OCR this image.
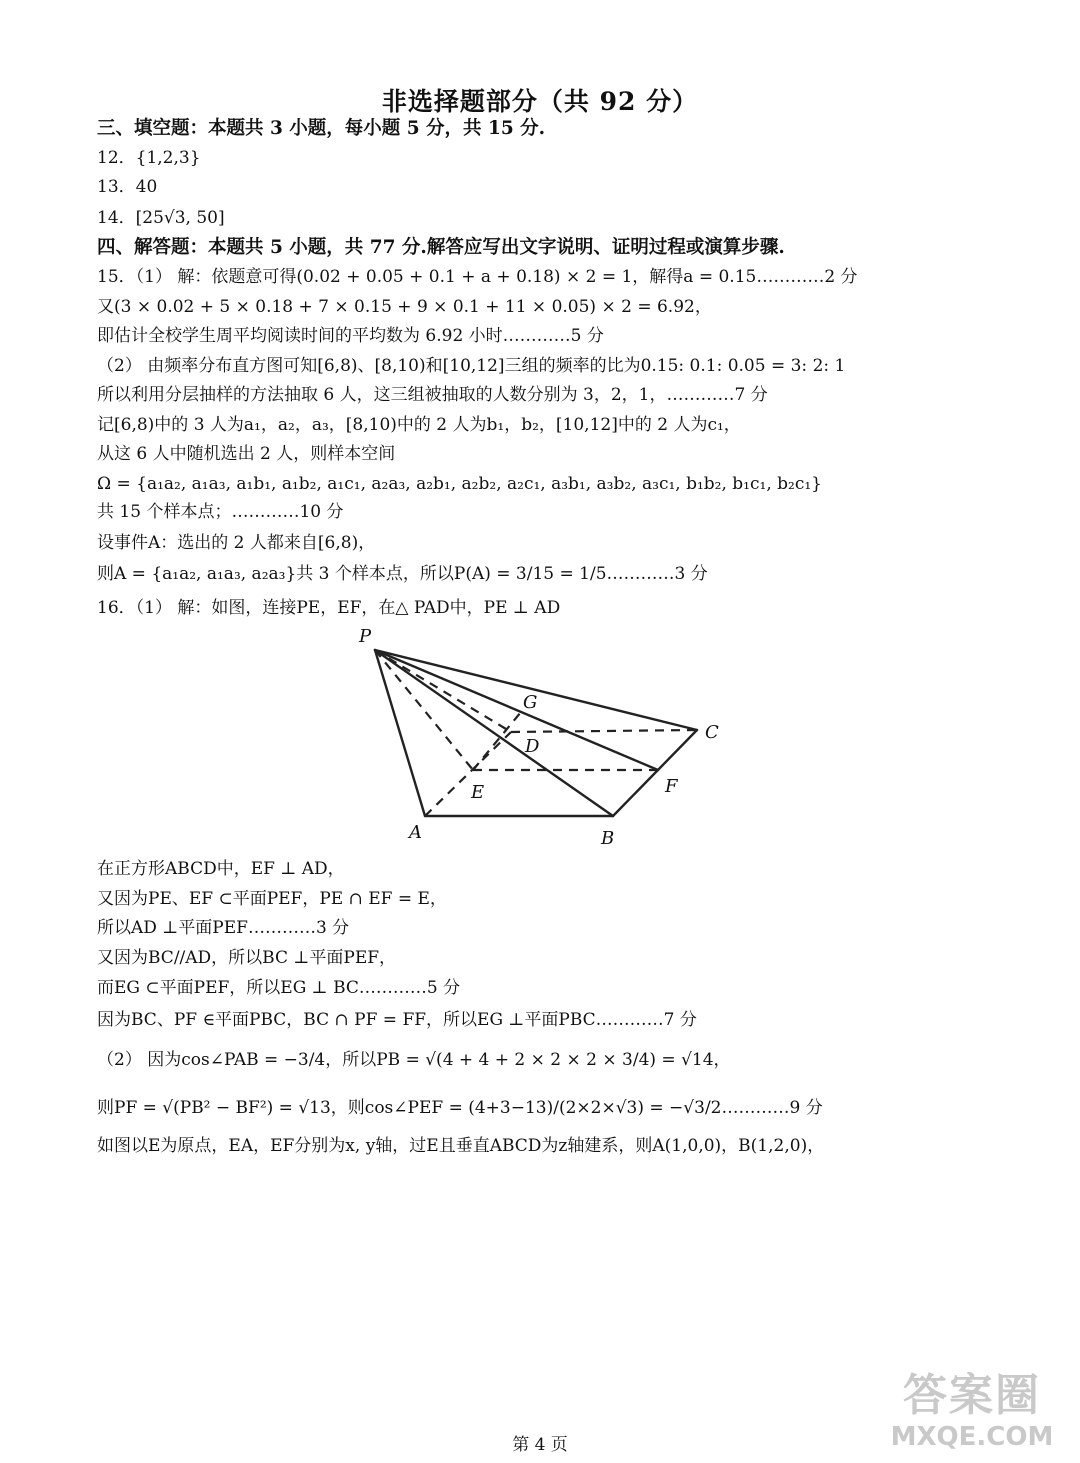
非选择题部分（共 92 分）
三、填空题：本题共 3 小题，每小题 5 分，共 15 分.
12．{1,2,3}
13．40
14．[25√3, 50]
四、解答题：本题共 5 小题，共 77 分.解答应写出文字说明、证明过程或演算步骤.
15．（1） 解：依题意可得(0.02 + 0.05 + 0.1 + a + 0.18) × 2 = 1，解得a = 0.15…………2 分
又(3 × 0.02 + 5 × 0.18 + 7 × 0.15 + 9 × 0.1 + 11 × 0.05) × 2 = 6.92，
即估计全校学生周平均阅读时间的平均数为 6.92 小时…………5 分
（2） 由频率分布直方图可知[6,8)、[8,10)和[10,12]三组的频率的比为0.15: 0.1: 0.05 = 3: 2: 1
所以利用分层抽样的方法抽取 6 人，这三组被抽取的人数分别为 3，2，1，…………7 分
记[6,8)中的 3 人为a₁，a₂，a₃，[8,10)中的 2 人为b₁，b₂，[10,12]中的 2 人为c₁，
从这 6 人中随机选出 2 人，则样本空间
Ω = {a₁a₂, a₁a₃, a₁b₁, a₁b₂, a₁c₁, a₂a₃, a₂b₁, a₂b₂, a₂c₁, a₃b₁, a₃b₂, a₃c₁, b₁b₂, b₁c₁, b₂c₁}
共 15 个样本点；…………10 分
设事件A：选出的 2 人都来自[6,8)，
则A = {a₁a₂, a₁a₃, a₂a₃}共 3 个样本点，所以P(A) = 3/15 = 1/5…………3 分
16．（1） 解：如图，连接PE，EF，在△ PAD中，PE ⊥ AD
P
G
C
D
E	F
A	B
在正方形ABCD中，EF ⊥ AD，
又因为PE、EF ⊂平面PEF，PE ∩ EF = E，
所以AD ⊥平面PEF…………3 分
又因为BC//AD，所以BC ⊥平面PEF，
而EG ⊂平面PEF，所以EG ⊥ BC…………5 分
因为BC、PF ∈平面PBC，BC ∩ PF = FF，所以EG ⊥平面PBC…………7 分
（2） 因为cos∠PAB = −3/4，所以PB = √(4 + 4 + 2 × 2 × 2 × 3/4) = √14，
则PF = √(PB² − BF²) = √13，则cos∠PEF = (4+3−13)/(2×2×√3) = −√3/2…………9 分
如图以E为原点，EA，EF分别为x, y轴，过E且垂直ABCD为z轴建系，则A(1,0,0)，B(1,2,0)，
第 4 页
答案圈
MXQE.COM
